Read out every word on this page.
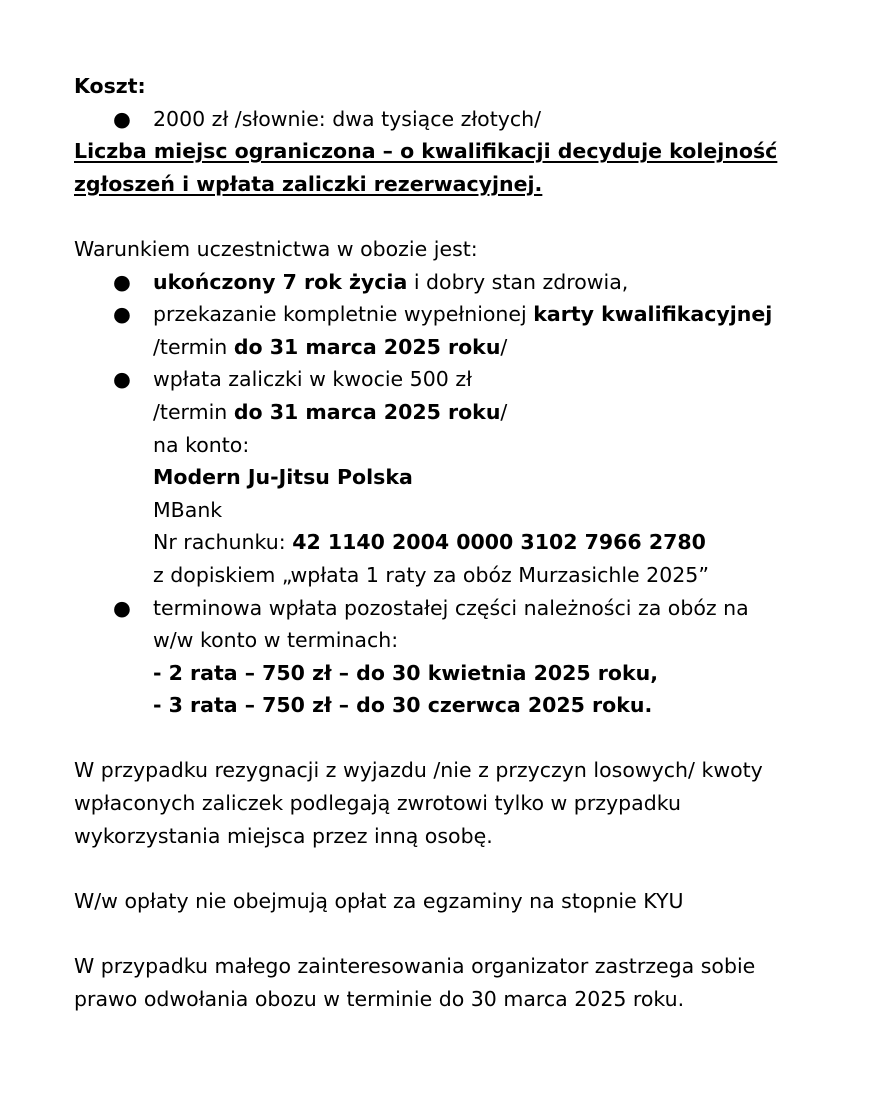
Koszt:
● 2000 zł /słownie: dwa tysiące złotych/
Liczba miejsc ograniczona – o kwalifikacji decyduje kolejność
zgłoszeń i wpłata zaliczki rezerwacyjnej.
Warunkiem uczestnictwa w obozie jest:
● ukończony 7 rok życia i dobry stan zdrowia,
● przekazanie kompletnie wypełnionej karty kwalifikacyjnej
/termin do 31 marca 2025 roku/
● wpłata zaliczki w kwocie 500 zł
/termin do 31 marca 2025 roku/
na konto:
Modern Ju-Jitsu Polska
MBank
Nr rachunku: 42 1140 2004 0000 3102 7966 2780
z dopiskiem „wpłata 1 raty za obóz Murzasichle 2025”
● terminowa wpłata pozostałej części należności za obóz na
w/w konto w terminach:
- 2 rata – 750 zł – do 30 kwietnia 2025 roku,
- 3 rata – 750 zł – do 30 czerwca 2025 roku.
W przypadku rezygnacji z wyjazdu /nie z przyczyn losowych/ kwoty
wpłaconych zaliczek podlegają zwrotowi tylko w przypadku
wykorzystania miejsca przez inną osobę.
W/w opłaty nie obejmują opłat za egzaminy na stopnie KYU
W przypadku małego zainteresowania organizator zastrzega sobie
prawo odwołania obozu w terminie do 30 marca 2025 roku.
